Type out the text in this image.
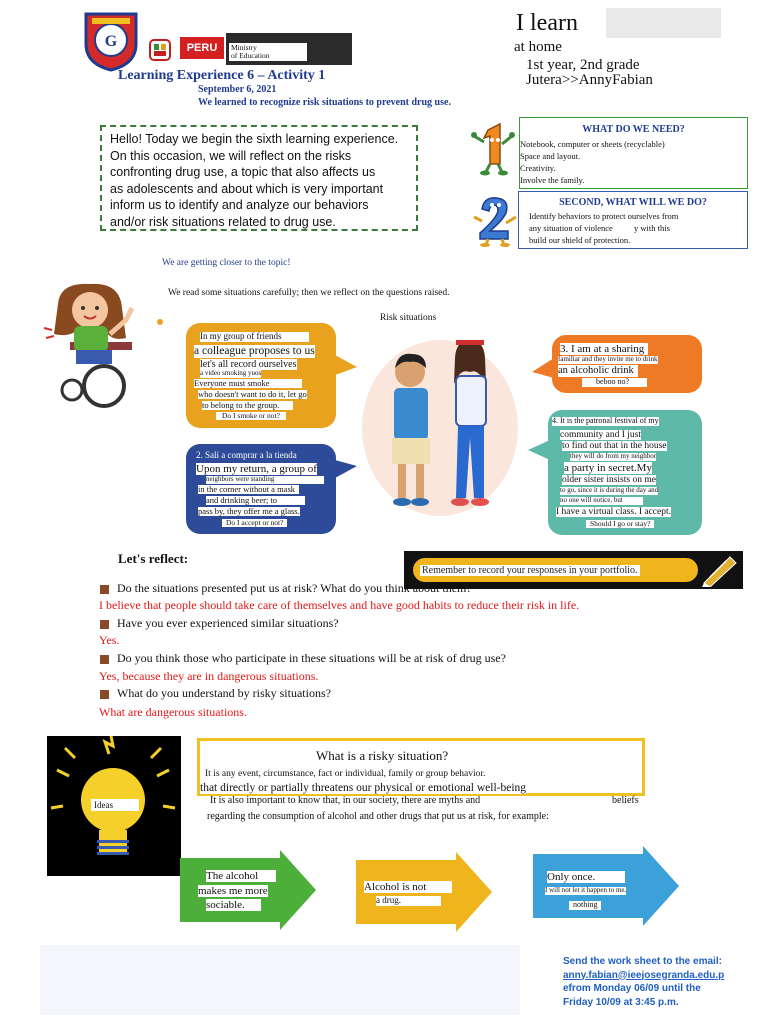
G	PERU	Ministry
of Education
Learning Experience 6 – Activity 1
September 6, 2021
We learned to recognize risk situations to prevent drug use.
I learn
at home
1st year, 2nd grade
Jutera>>AnnyFabian
Hello! Today we begin the sixth learning experience.
On this occasion, we will reflect on the risks
confronting drug use, a topic that also affects us
as adolescents and about which is very important
inform us to identify and analyze our behaviors
and/or risk situations related to drug use.
WHAT DO WE NEED?
Notebook, computer or sheets (recyclable)
Space and layout.
Creativity.
Involve the family.
SECOND, WHAT WILL WE DO?
Identify behaviors to protect ourselves from
any situation of violence          y with this
build our shield of protection.
We are getting closer to the topic!
We read some situations carefully; then we reflect on the questions raised.
Risk situations
In my group of friends
a colleague proposes to us
let's all record ourselves
a video smoking yuos
Everyone must smoke
who doesn't want to do it, let go
to belong to the group.
Do I smoke or not?
2. Salí a comprar a la tienda
Upon my return, a group of
neighbors were standing
in the corner without a mask
and drinking beer; to
pass by, they offer me a glass.
Do I accept or not?
3. I am at a sharing
familiar and they invite me to drink
an alcoholic drink
beboo no?
4. It is the patronal festival of my
community and I just
to find out that in the house
they will do from my neighbor
a party in secret.My
older sister insists on me
to go, since it is during the day and
no one will notice, but
I have a virtual class. I accept.
Should I go or stay?
Let's reflect:
Remember to record your responses in your portfolio.
Do the situations presented put us at risk? What do you think about them?
I believe that people should take care of themselves and have good habits to reduce their risk in life.
Have you ever experienced similar situations?
Yes.
Do you think those who participate in these situations will be at risk of drug use?
Yes, because they are in dangerous situations.
What do you understand by risky situations?
What are dangerous situations.
Ideas
What is a risky situation?
It is any event, circumstance, fact or individual, family or group behavior.
that directly or partially threatens our physical or emotional well-being
It is also important to know that, in our society, there are myths and	beliefs
regarding the consumption of alcohol and other drugs that put us at risk, for example:
The alcohol
makes me more
sociable.
Alcohol is not
a drug.
Only once.
I will not let it happen to me.
nothing
Send the work sheet to the email:
anny.fabian@ieejosegranda.edu.p
efrom Monday 06/09 until the
Friday 10/09 at 3:45 p.m.
